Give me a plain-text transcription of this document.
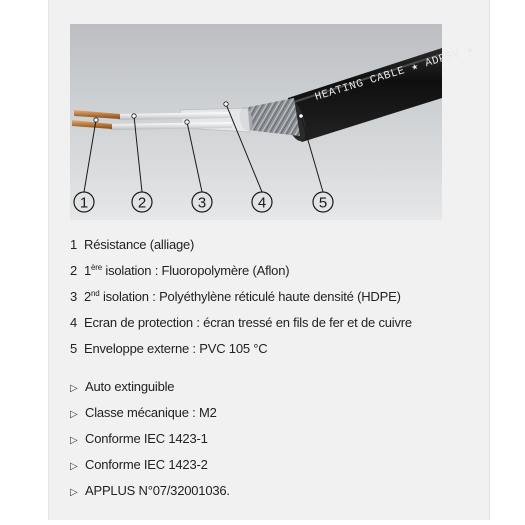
HEATING CABLE ★ ADPSV ★
1	2	3	4	5
1 Résistance (alliage)
2 1ère isolation : Fluoropolymère (Aflon)
3 2nd isolation : Polyéthylène réticulé haute densité (HDPE)
4 Ecran de protection : écran tressé en fils de fer et de cuivre
5 Enveloppe externe : PVC 105 °C
▷ Auto extinguible
▷ Classe mécanique : M2
▷ Conforme IEC 1423-1
▷ Conforme IEC 1423-2
▷ APPLUS N°07/32001036.
